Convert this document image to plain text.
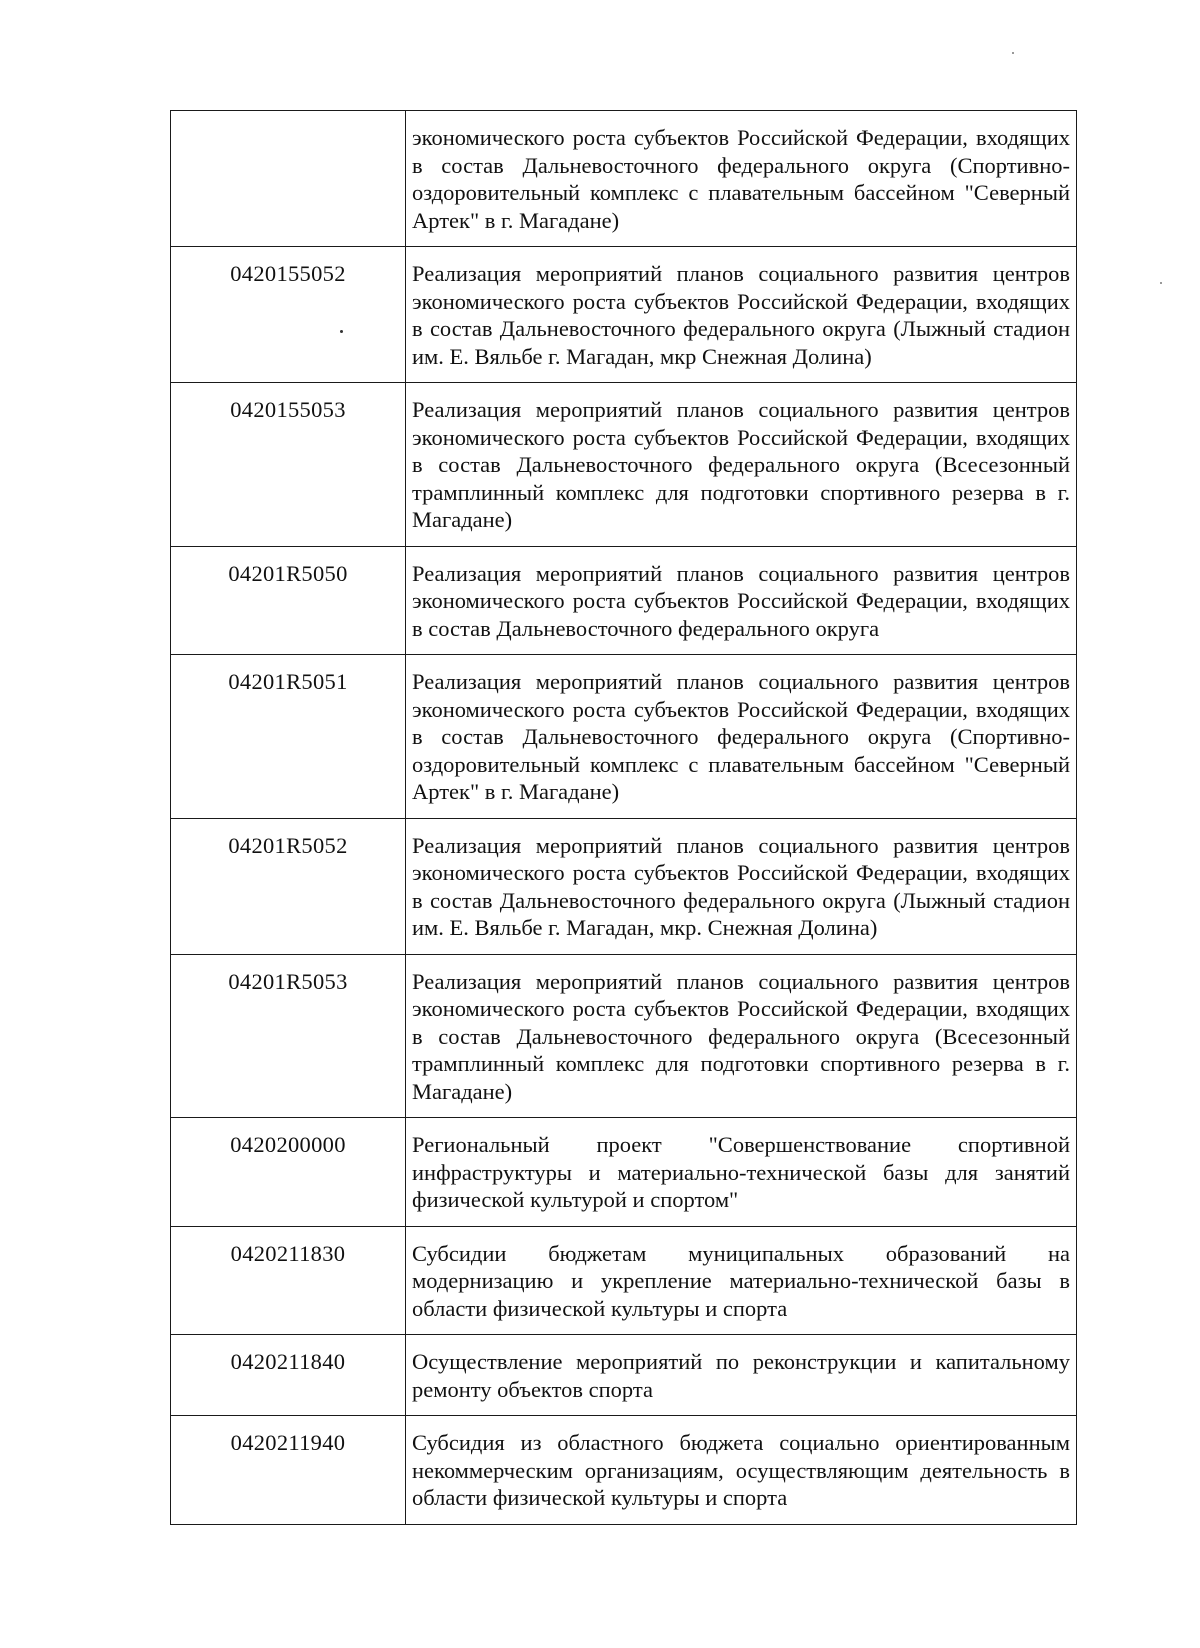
	экономического роста субъектов Российской Федерации, входящих в состав Дальневосточного федерального округа (Спортивно-оздоровительный комплекс с плавательным бассейном "Северный Артек" в г. Магадане)
0420155052	Реализация мероприятий планов социального развития центров экономического роста субъектов Российской Федерации, входящих в состав Дальневосточного федерального округа (Лыжный стадион им. Е. Вяльбе г. Магадан, мкр Снежная Долина)
0420155053	Реализация мероприятий планов социального развития центров экономического роста субъектов Российской Федерации, входящих в состав Дальневосточного федерального округа (Всесезонный трамплинный комплекс для подготовки спортивного резерва в г. Магадане)
04201R5050	Реализация мероприятий планов социального развития центров экономического роста субъектов Российской Федерации, входящих в состав Дальневосточного федерального округа
04201R5051	Реализация мероприятий планов социального развития центров экономического роста субъектов Российской Федерации, входящих в состав Дальневосточного федерального округа (Спортивно-оздоровительный комплекс с плавательным бассейном "Северный Артек" в г. Магадане)
04201R5052	Реализация мероприятий планов социального развития центров экономического роста субъектов Российской Федерации, входящих в состав Дальневосточного федерального округа (Лыжный стадион им. Е. Вяльбе г. Магадан, мкр. Снежная Долина)
04201R5053	Реализация мероприятий планов социального развития центров экономического роста субъектов Российской Федерации, входящих в состав Дальневосточного федерального округа (Всесезонный трамплинный комплекс для подготовки спортивного резерва в г. Магадане)
0420200000	Региональный проект "Совершенствование спортивной инфраструктуры и материально-технической базы для занятий физической культурой и спортом"
0420211830	Субсидии бюджетам муниципальных образований на модернизацию и укрепление материально-технической базы в области физической культуры и спорта
0420211840	Осуществление мероприятий по реконструкции и капитальному ремонту объектов спорта
0420211940	Субсидия из областного бюджета социально ориентированным некоммерческим организациям, осуществляющим деятельность в области физической культуры и спорта
